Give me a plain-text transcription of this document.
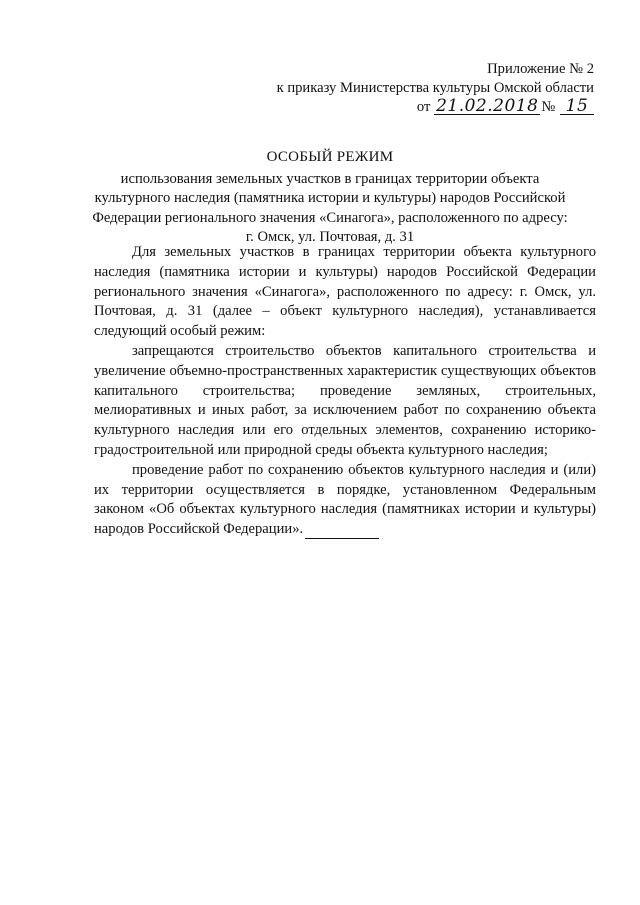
Приложение № 2
к приказу Министерства культуры Омской области
от 21.02.2018 № 15
ОСОБЫЙ РЕЖИМ
использования земельных участков в границах территории объекта
культурного наследия (памятника истории и культуры) народов Российской
Федерации регионального значения «Синагога», расположенного по адресу:
г. Омск, ул. Почтовая, д. 31

Для земельных участков в границах территории объекта культурного наследия (памятника истории и культуры) народов Российской Федерации регионального значения «Синагога», расположенного по адресу: г. Омск, ул. Почтовая, д. 31 (далее – объект культурного наследия), устанавливается следующий особый режим:

запрещаются строительство объектов капитального строительства и увеличение объемно-пространственных характеристик существующих объектов капитального строительства; проведение земляных, строительных, мелиоративных и иных работ, за исключением работ по сохранению объекта культурного наследия или его отдельных элементов, сохранению историко-градостроительной или природной среды объекта культурного наследия;

проведение работ по сохранению объектов культурного наследия и (или) их территории осуществляется в порядке, установленном Федеральным законом «Об объектах культурного наследия (памятниках истории и культуры) народов Российской Федерации».
